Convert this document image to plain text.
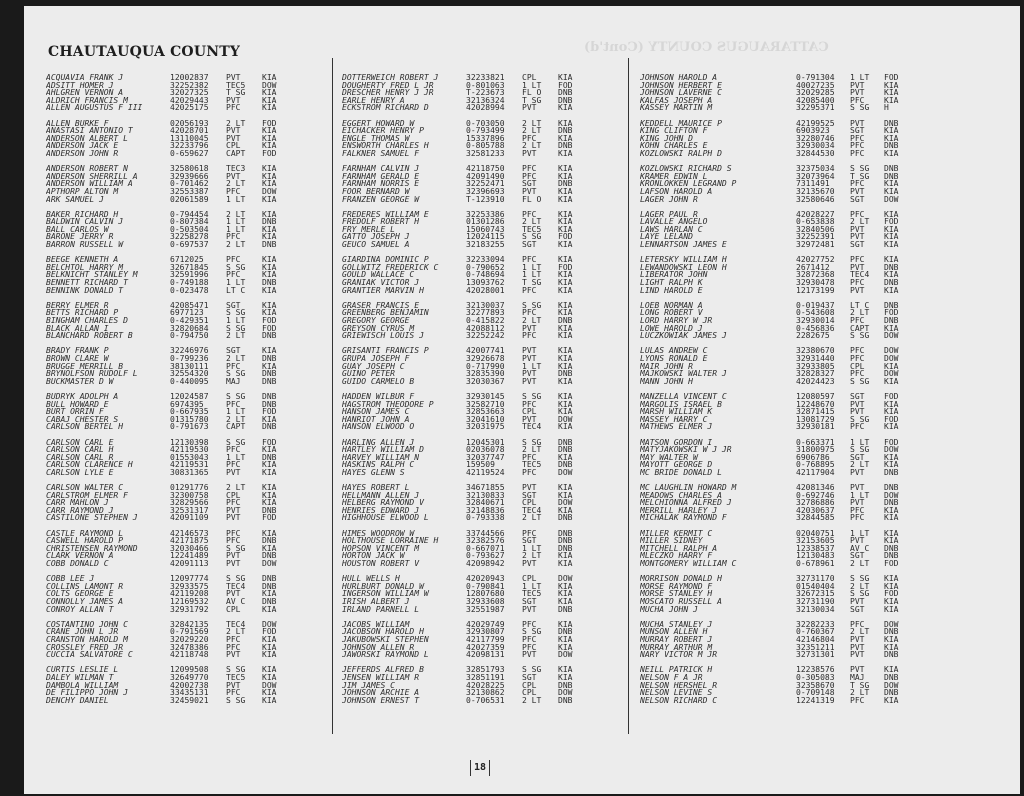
CHAUTAUQUA COUNTY	CATTARAUGUS COUNTY (Cont'd)
ACQUAVIA FRANK J	12002837	PVT	KIA
ADSITT HOMER J	32252382	TEC5	DOW
AHLGREN VERNON A	32027325	T SG	KIA
ALDRICH FRANCIS M	42029443	PVT	KIA
ALLEN AUGUSTUS F III	42025175	PFC	KIA
ALLEN BURKE F	02056193	2 LT	FOD
ANASTASI ANTONIO T	42028701	PVT	KIA
ANDERSON ALBERT L	13110045	PVT	KIA
ANDERSON JACK E	32233796	CPL	KIA
ANDERSON JOHN R	0-659627	CAPT	FOD
ANDERSON ROBERT N	32580618	TEC3	KIA
ANDERSON SHERRILL A	32939666	PVT	KIA
ANDERSON WILLIAM A	0-701462	2 LT	KIA
APTHORP ALTON M	32553387	PFC	DOW
ARK SAMUEL J	02061589	1 LT	KIA
BAKER RICHARD H	0-794454	2 LT	KIA
BALDWIN CALVIN J	0-807384	1 LT	DNB
BALL CARLOS W	0-503504	1 LT	KIA
BARONE JERRY R	32258278	PFC	KIA
BARRON RUSSELL W	0-697537	2 LT	DNB
BEEGE KENNETH A	6712025	PFC	KIA
BELCHTOL HARRY M	32671845	S SG	KIA
BELKNICHT STANLEY M	32591996	PFC	KIA
BENNETT RICHARD T	0-749188	1 LT	DNB
BENNINK DONALD T	0-023478	LT C	KIA
BERRY ELMER R	42085471	SGT	KIA
BETTS RICHARD P	6977123	S SG	KIA
BINGHAM CHARLES D	0-429351	1 LT	FOD
BLACK ALLAN I	32820684	S SG	FOD
BLANCHARD ROBERT B	0-794750	2 LT	DNB
BRADY FRANK P	32246976	SGT	KIA
BROWN CLARE W	0-799236	2 LT	DNB
BRUGGE MERRILL B	38130111	PFC	KIA
BRYNOLFSON RUDOLF L	32554320	S SG	DNB
BUCKMASTER D W	0-440095	MAJ	DNB
BUDRYK ADOLPH A	12024587	S SG	DNB
BULL HOWARD E	6974395	PFC	DNB
BURT ORRIN F	0-667935	1 LT	FOD
CABAJ CHESTER S	01315780	2 LT	KIA
CARLSON BERTEL H	0-791673	CAPT	DNB
CARLSON CARL E	12130398	S SG	FOD
CARLSON CARL H	42119530	PFC	KIA
CARLSON CARL R	01553043	1 LT	DNB
CARLSON CLARENCE H	42119531	PFC	KIA
CARLSON LYLE E	30831365	PVT	KIA
CARLSON WALTER C	01291776	2 LT	KIA
CARLSTROM ELMER F	32300758	CPL	KIA
CARR MAHLON J	32829566	PFC	KIA
CARR RAYMOND J	32531317	PVT	DNB
CASTILONE STEPHEN J	42091109	PVT	FOD
CASTLE RAYMOND L	42146573	PFC	KIA
CASWELL HAROLD P	42171875	PFC	DNB
CHRISTENSEN RAYMOND	32030466	S SG	KIA
CLARK VERNON A	12241489	PVT	DNB
COBB DONALD C	42091113	PVT	DOW
COBB LEE J	12097774	S SG	DNB
COLLINS LAMONT R	32933575	TEC4	DNB
COLTS GEORGE E	42119208	PVT	KIA
CONNOLLY JAMES A	12169532	AV C	DNB
CONROY ALLAN T	32931792	CPL	KIA
COSTANTINO JOHN C	32842135	TEC4	DOW
CRANE JOHN L JR	0-791569	2 LT	FOD
CRANSTON HAROLD M	32029220	PFC	KIA
CROSSLEY FRED JR	32478386	PFC	KIA
CUCCIA SALVATORE C	42118748	PVT	KIA
CURTIS LESLIE L	12099508	S SG	KIA
DALEY WILMAN T	32649770	TEC5	KIA
DAMBOLA WILLIAM	42002738	PVT	DOW
DE FILIPPO JOHN J	33435131	PFC	KIA
DENCHY DANIEL	32459021	S SG	KIA
DOTTERWEICH ROBERT J	32233821	CPL	KIA
DOUGHERTY FRED L JR	0-801063	1 LT	FOD
DRESCHER HENRY J JR	T-223673	FL O	DNB
EARLE HENRY A	32136324	T SG	DNB
ECKSTROM RICHARD D	42028994	PVT	KIA
EGGERT HOWARD W	0-703050	2 LT	KIA
EICHACKER HENRY P	0-793499	2 LT	DNB
ENGLE THOMAS W	15337896	PFC	KIA
ENSWORTH CHARLES H	0-805788	2 LT	DNB
FALKNER SAMUEL F	32581233	PVT	KIA
FARNHAM CALVIN J	42118750	PFC	KIA
FARNHAM GERALD E	42091490	PFC	KIA
FARNHAM NORRIS E	32252471	SGT	DNB
FOOR BERNARD W	32396693	PVT	KIA
FRANZEN GEORGE W	T-123910	FL O	KIA
FREDERES WILLIAM E	32253386	PFC	KIA
FREDOLF ROBERT H	01301286	2 LT	KIA
FRY MERLE L	15060743	TEC5	KIA
GATTO JOSEPH J	12024115	S SG	FOD
GEUCO SAMUEL A	32183255	SGT	KIA
GIARDINA DOMINIC P	32233094	PFC	KIA
GOLLWITZ FREDERICK C	0-790652	1 LT	FOD
GOULD WALLACE C	0-748694	1 LT	KIA
GRANIAK VICTOR J	13093762	T SG	KIA
GRANTIER MARVIN H	42028001	PFC	KIA
GRASER FRANCIS E	32130037	S SG	KIA
GREENBERG BENJAMIN	32277893	PFC	KIA
GREGORY GEORGE	0-415822	2 LT	DNB
GREYSON CYRUS M	42088112	PVT	KIA
GRIEWISCH LOUIS J	32252242	PFC	KIA
GRISANTI FRANCIS P	42007741	PVT	KIA
GRUPA JOSEPH F	32926678	PVT	KIA
GUAY JOSEPH C	0-717990	1 LT	KIA
GUINO PETER	32835390	PVT	DNB
GUIDO CARMELO B	32030367	PVT	KIA
HADDEN WILBUR F	32930145	S SG	KIA
HAGSTROM THEODORE P	32582710	PFC	KIA
HANSON JAMES C	32853663	CPL	KIA
HANRIOT JOHN A	32041610	PVT	DOW
HANSON ELWOOD O	32031975	TEC4	KIA
HARLING ALLEN J	12045301	S SG	DNB
HARTLEY WILLIAM D	02036078	2 LT	DNB
HARVEY WILLIAM N	32037747	PFC	KIA
HASKINS RALPH C	159509	TEC5	DNB
HAYES GLENN S	42119524	PFC	DOW
HAYES ROBERT L	34671855	PVT	KIA
HELLMANN ALLEN J	32130833	SGT	KIA
HELBERG RAYMOND V	32840671	CPL	DOW
HENRIES EDWARD J	32148836	TEC4	KIA
HIGHHOUSE ELWOOD L	0-793338	2 LT	DNB
HIMES WOODROW W	33744566	PFC	DNB
HOLTHOUSE LORRAINE H	32382576	SGT	DNB
HOPSON VINCENT M	0-667071	1 LT	DNB
HORTON JACK W	0-793627	2 LT	KIA
HOUSTON ROBERT V	42098942	PVT	KIA
HULL WELLS H	42020943	CPL	DOW
HURLBURT DONALD W	0-790841	1 LT	KIA
INGERSON WILLIAM W	12807680	TEC5	KIA
IRISH ALBERT J	32933608	SGT	KIA
IRLAND PARNELL L	32551987	PVT	DNB
JACOBS WILLIAM	42029749	PFC	KIA
JACOBSON HAROLD H	32930807	S SG	DNB
JAKUBOWSKI STEPHEN	42117799	PFC	KIA
JOHNSON ALLEN R	42027359	PFC	KIA
JAWORSKI RAYMOND L	42098131	PVT	DOW
JEFFERDS ALFRED B	32851793	S SG	KIA
JENSEN WILLIAM R	32851191	SGT	KIA
JIM JAMES C	42028225	CPL	DNB
JOHNSON ARCHIE A	32130862	CPL	DOW
JOHNSON ERNEST T	0-706531	2 LT	DNB
JOHNSON HAROLD A	0-791304	1 LT	FOD
JOHNSON HERBERT E	40027235	PVT	KIA
JOHNSON LAVERNE C	32029285	PVT	KIA
KALFAS JOSEPH A	42085400	PFC	KIA
KASSEY MARTIN M	32295371	S SG	H
KEDDELL MAURICE P	42199525	PVT	DNB
KING CLIFTON F	6903923	SGT	KIA
KING JOHN D	32280746	PFC	KIA
KOHN CHARLES E	32930034	PFC	DNB
KOZLOWSKI RALPH D	32844530	PFC	KIA
KOZLOWSKI RICHARD S	32375034	S SG	DNB
KRAMER EDWIN L	32073964	T SG	DNB
KRONLOKKEN LEGRAND P	7311491	PFC	KIA
LAFSON HAROLD A	32135670	PVT	KIA
LAGER JOHN R	32580646	SGT	DOW
LAGER PAUL R	42028227	PFC	KIA
LAVALLE ANGELO	0-653838	2 LT	FOD
LAWS HARLAN C	32840506	PVT	KIA
LAYE LELAND	32252391	PVT	KIA
LENNARTSON JAMES E	32972481	SGT	KIA
LETERSKY WILLIAM H	42027752	PFC	KIA
LEWANDOWSKI LEON H	2671412	PVT	DNB
LIBERATOR JOHN	32872368	TEC4	KIA
LIGHT RALPH K	32930478	PFC	DNB
LIND HAROLD E	12173199	PVT	KIA
LOEB NORMAN A	0-019437	LT C	DNB
LONG ROBERT V	0-543608	2 LT	FOD
LORD HARRY W JR	32930014	PFC	DNB
LOWE HAROLD J	0-456836	CAPT	KIA
LUCZKOWIAK JAMES J	2282675	S SG	DOW
LULAS ANDREW C	32380670	PFC	DOW
LYONS RONALD E	32931440	PFC	DOW
MAIR JOHN R	32933805	CPL	KIA
MAJKOWSKI WALTER J	32828327	PFC	DOW
MANN JOHN H	42024423	S SG	KIA
MANZELLA VINCENT C	12080597	SGT	FOD
MARGOLIS ISRAEL B	12248670	PVT	KIA
MARSH WILLIAM K	32871415	PVT	KIA
MASSEY HARRY C	13081729	S SG	FOD
MATHEWS ELMER J	32930181	PFC	KIA
MATSON GORDON I	0-663371	1 LT	FOD
MATYJAKOWSKI W J JR	31800975	S SG	DOW
MAY WALTER W	6906786	SGT	KIA
MAYOTT GEORGE D	0-768895	2 LT	KIA
MC BRIDE DONALD L	42117904	PVT	DNB
MC LAUGHLIN HOWARD M	42081346	PVT	DNB
MEADOWS CHARLES A	0-692746	1 LT	DOW
MELCHIONNA ALFRED J	32786886	PVT	DNB
MERRILL HARLEY J	42030637	PFC	KIA
MICHALAK RAYMOND F	32844585	PFC	KIA
MILLER KERMIT C	02040751	1 LT	KIA
MILLER SIDNEY	32153605	PVT	KIA
MITCHELL RALPH A	12338537	AV C	DNB
MLECZKO HARRY F	12130483	SGT	DNB
MONTGOMERY WILLIAM C	0-678961	2 LT	FOD
MORRISON DONALD H	32731170	S SG	KIA
MORSE RAYMOND F	01540404	2 LT	KIA
MORSE STANLEY H	32672315	S SG	FOD
MOSCATO RUSSELL A	32731190	PVT	KIA
MUCHA JOHN J	32130034	SGT	KIA
MUCHA STANLEY J	32282233	PFC	DOW
MUNSON ALLEN H	0-760367	2 LT	DNB
MURRAY ROBERT J	42146804	PVT	KIA
MURRAY ARTHUR M	32351211	PVT	KIA
NARY VICTOR M JR	32731301	PVT	DNB
NEILL PATRICK H	12238576	PVT	KIA
NELSON F A JR	0-305083	MAJ	DNB
NELSON HERSHEL R	32358670	T SG	DOW
NELSON LEVINE S	0-709148	2 LT	DNB
NELSON RICHARD C	12241319	PFC	KIA
18
